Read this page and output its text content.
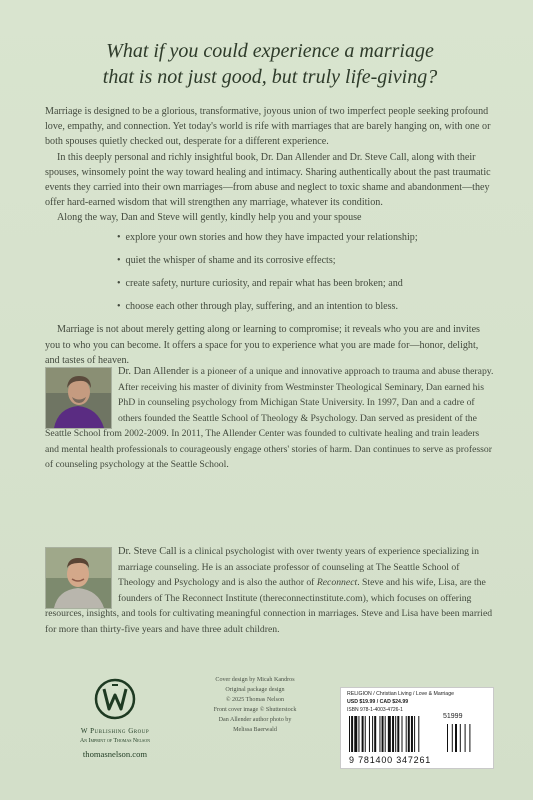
What if you could experience a marriage
that is not just good, but truly life-giving?

Marriage is designed to be a glorious, transformative, joyous union of two imperfect people seeking profound love, empathy, and connection. Yet today's world is rife with marriages that are barely hanging on, with one or both spouses quietly checked out, desperate for a different experience.

In this deeply personal and richly insightful book, Dr. Dan Allender and Dr. Steve Call, along with their spouses, winsomely point the way toward healing and intimacy. Sharing authentically about the past traumatic events they carried into their own marriages—from abuse and neglect to toxic shame and abandonment—they offer hard-earned wisdom that will strengthen any marriage, whatever its condition.

Along the way, Dan and Steve will gently, kindly help you and your spouse

• explore your own stories and how they have impacted your relationship;
• quiet the whisper of shame and its corrosive effects;
• create safety, nurture curiosity, and repair what has been broken; and
• choose each other through play, suffering, and an intention to bless.

Marriage is not about merely getting along or learning to compromise; it reveals who you are and invites you to who you can become. It offers a space for you to experience what you are made for—honor, delight, and tastes of heaven.

Dr. Dan Allender is a pioneer of a unique and innovative approach to trauma and abuse therapy. After receiving his master of divinity from Westminster Theological Seminary, Dan earned his PhD in counseling psychology from Michigan State University. In 1997, Dan and a cadre of others founded the Seattle School of Theology & Psychology. Dan served as president of the Seattle School from 2002-2009. In 2011, The Allender Center was founded to cultivate healing and train leaders and mental health professionals to courageously engage others' stories of harm. Dan continues to serve as professor of counseling psychology at the Seattle School.
Dr. Steve Call is a clinical psychologist with over twenty years of experience specializing in marriage counseling. He is an associate professor of counseling at The Seattle School of Theology and Psychology and is also the author of Reconnect. Steve and his wife, Lisa, are the founders of The Reconnect Institute (thereconnectinstitute.com), which focuses on offering resources, insights, and tools for cultivating meaningful connection in marriages. Steve and Lisa have been married for more than thirty-five years and have three adult children.
W Publishing Group
An Imprint of Thomas Nelson
thomasnelson.com
Cover design by Micah Kandros
Original package design
© 2025 Thomas Nelson
Front cover image © Shutterstock
Dan Allender author photo by
Melissa Baerwald
RELIGION / Christian Living / Love & Marriage
USD $19.99 / CAD $24.99
ISBN 978-1-4003-4726-1
51999
9 781400 347261
